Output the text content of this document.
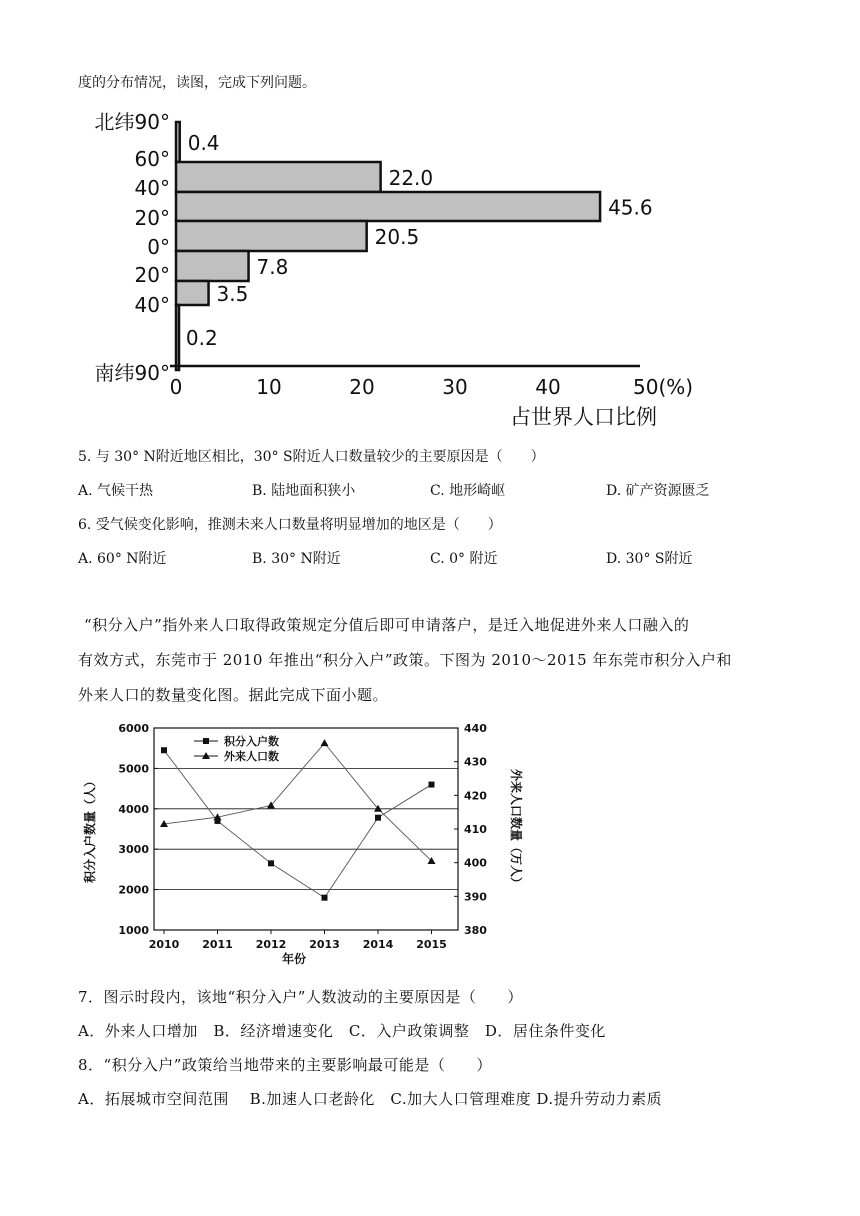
度的分布情况，读图，完成下列问题。
0.4
22.0
45.6
20.5
7.8
3.5
0.2
北纬90°
60°
40°
20°
0°
20°
40°
南纬90°
0	10	20	30	40	50(%)
占世界人口比例
5. 与 30° N附近地区相比，30° S附近人口数量较少的主要原因是（　　）
A. 气候干热	B. 陆地面积狭小	C. 地形崎岖	D. 矿产资源匮乏
6. 受气候变化影响，推测未来人口数量将明显增加的地区是（　　）
A. 60° N附近	B. 30° N附近	C. 0° 附近	D. 30° S附近
“积分入户”指外来人口取得政策规定分值后即可申请落户，是迁入地促进外来人口融入的
有效方式，东莞市于 2010 年推出“积分入户”政策。下图为 2010～2015 年东莞市积分入户和
外来人口的数量变化图。据此完成下面小题。
6000
5000
4000
3000
2000
1000
440
430
420
410
400
390
380
2010 2011 2012 2013 2014 2015
年份
积分入户数量（人）	外来人口数量（万人）
积分入户数
外来人口数
7．图示时段内，该地“积分入户”人数波动的主要原因是（　　）
A．外来人口增加　B．经济增速变化　C．入户政策调整　D．居住条件变化
8．“积分入户”政策给当地带来的主要影响最可能是（　　）
A．拓展城市空间范围　 B.加速人口老龄化　C.加大人口管理难度 D.提升劳动力素质
